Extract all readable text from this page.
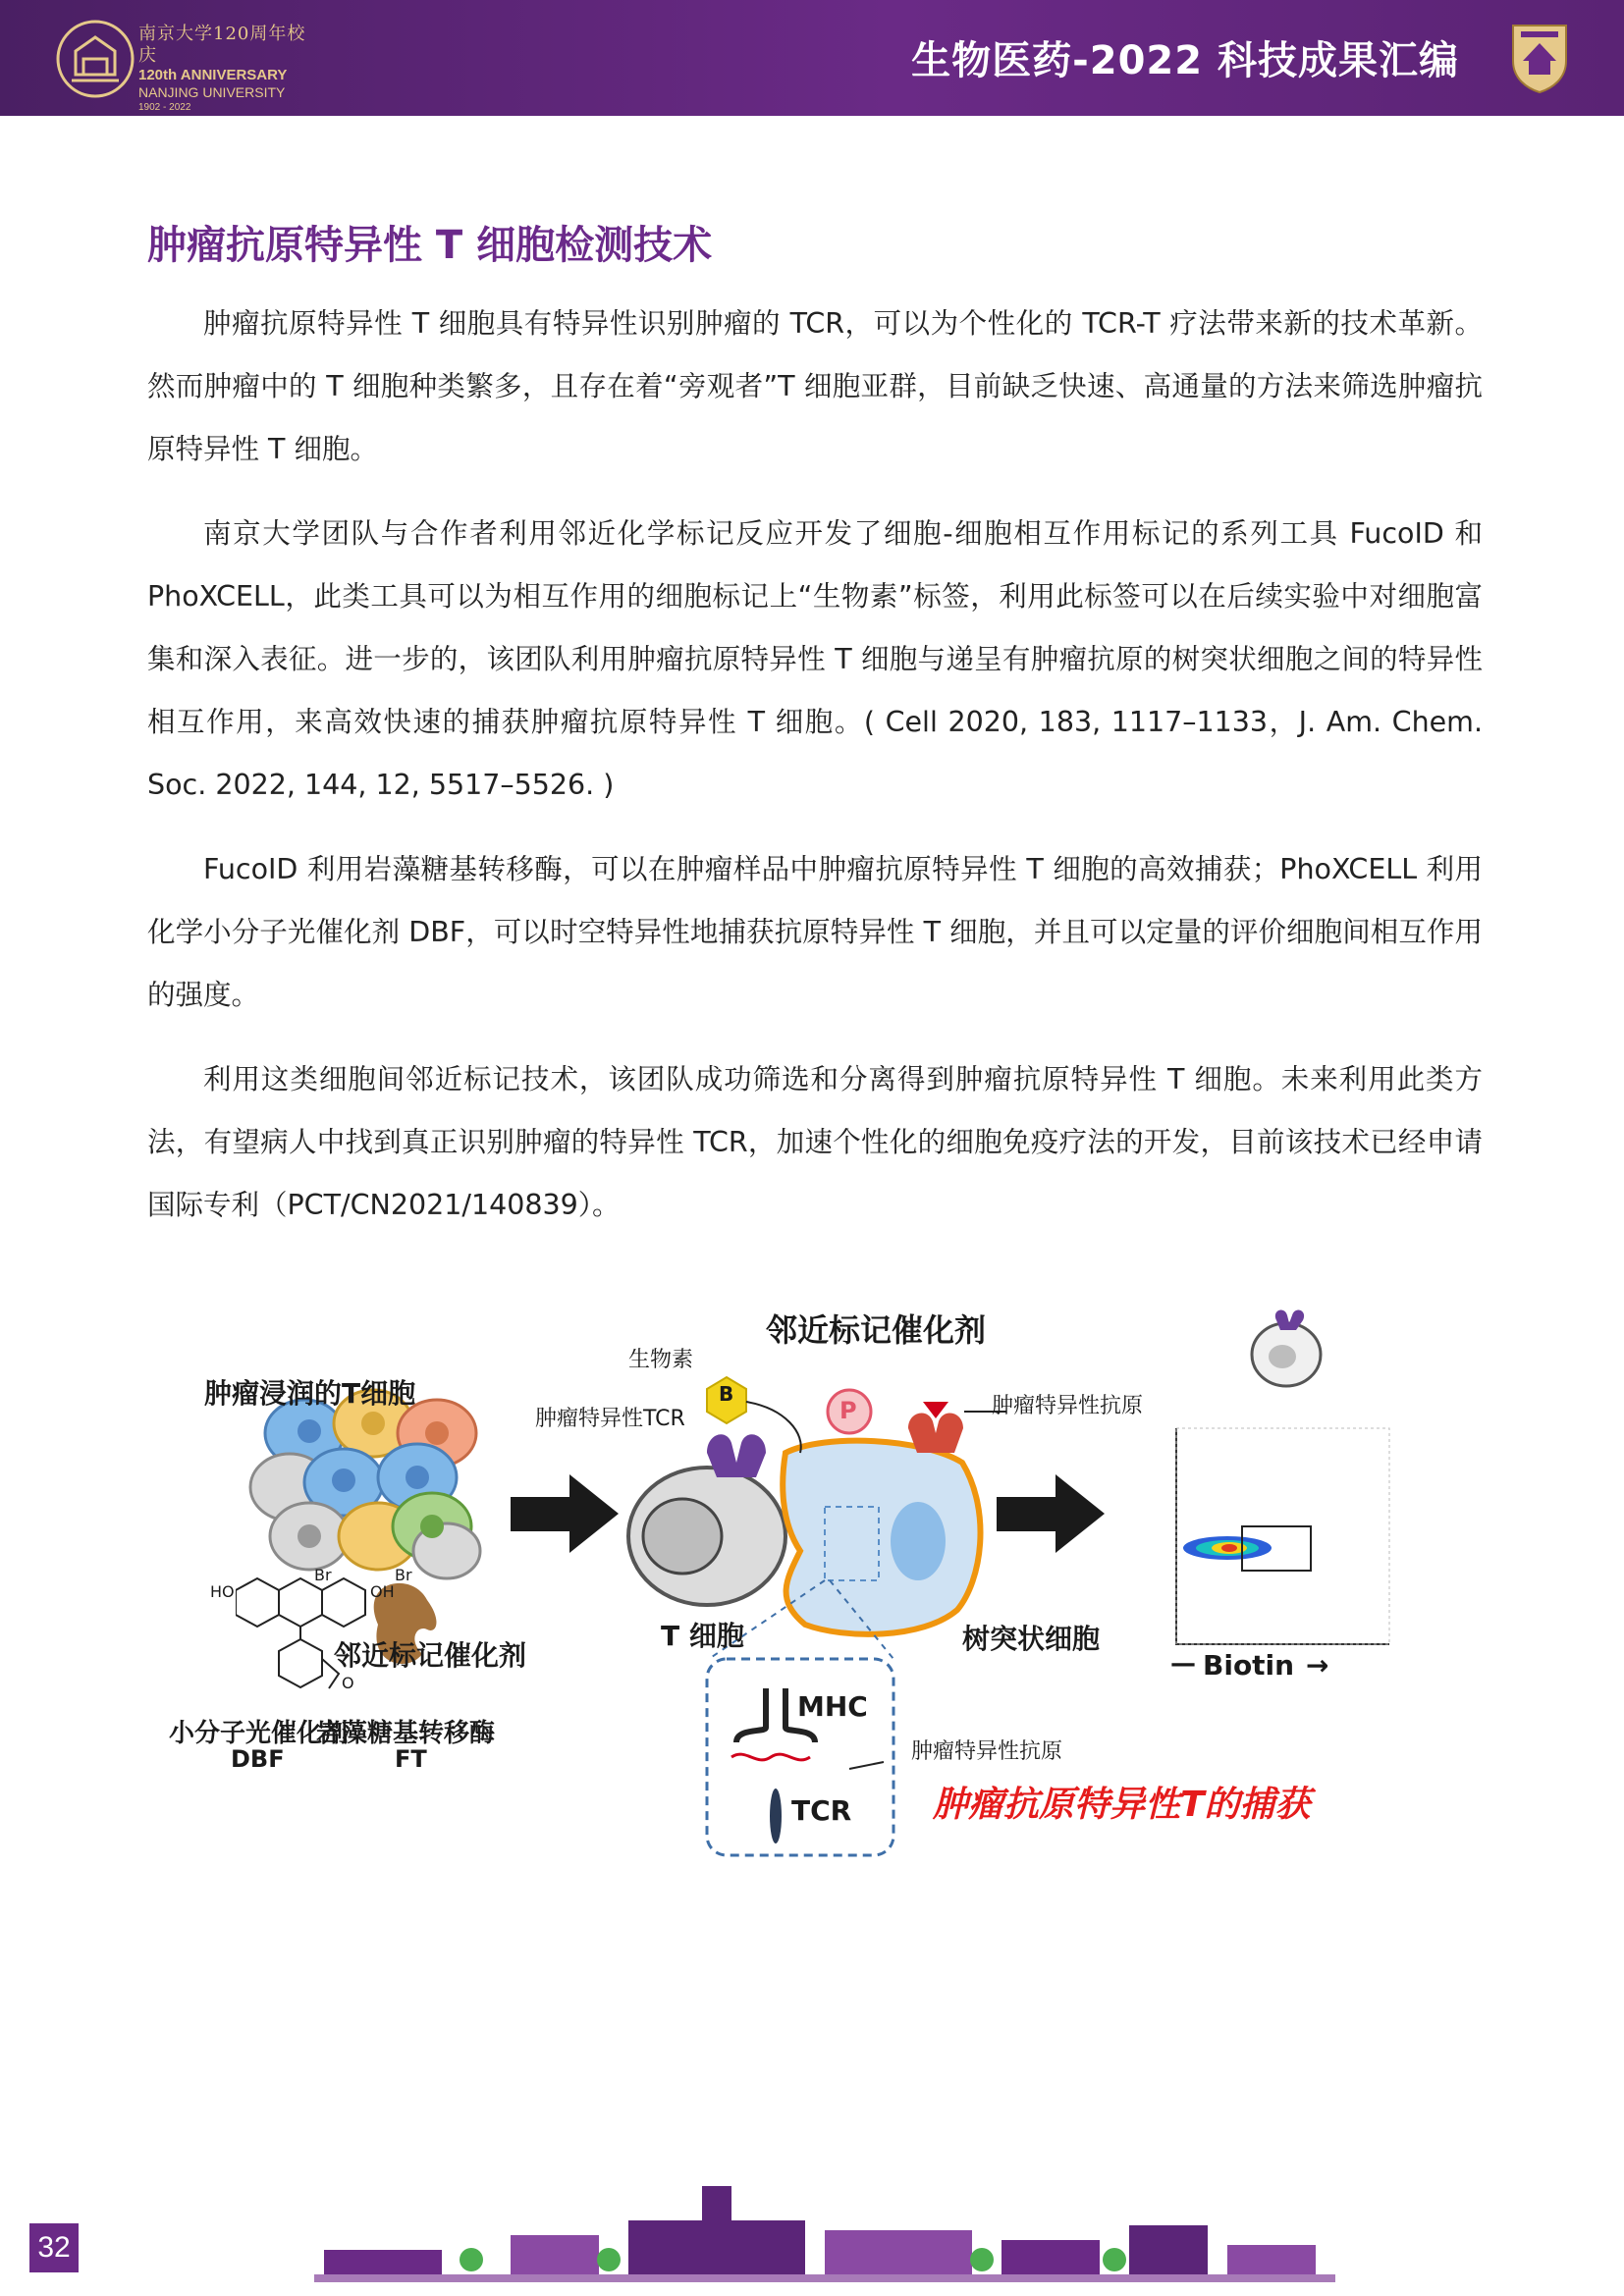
南京大学120周年校庆
120th ANNIVERSARY
NANJING UNIVERSITY
1902 - 2022
生物医药-2022 科技成果汇编
肿瘤抗原特异性 T 细胞检测技术

肿瘤抗原特异性 T 细胞具有特异性识别肿瘤的 TCR，可以为个性化的 TCR-T 疗法带来新的技术革新。然而肿瘤中的 T 细胞种类繁多，且存在着“旁观者”T 细胞亚群，目前缺乏快速、高通量的方法来筛选肿瘤抗原特异性 T 细胞。

南京大学团队与合作者利用邻近化学标记反应开发了细胞-细胞相互作用标记的系列工具 FucoID 和 PhoXCELL，此类工具可以为相互作用的细胞标记上“生物素”标签，利用此标签可以在后续实验中对细胞富集和深入表征。进一步的，该团队利用肿瘤抗原特异性 T 细胞与递呈有肿瘤抗原的树突状细胞之间的特异性相互作用，来高效快速的捕获肿瘤抗原特异性 T 细胞。( Cell 2020, 183, 1117–1133，J. Am. Chem. Soc. 2022, 144, 12, 5517–5526. )

FucoID 利用岩藻糖基转移酶，可以在肿瘤样品中肿瘤抗原特异性 T 细胞的高效捕获；PhoXCELL 利用化学小分子光催化剂 DBF，可以时空特异性地捕获抗原特异性 T 细胞，并且可以定量的评价细胞间相互作用的强度。

利用这类细胞间邻近标记技术，该团队成功筛选和分离得到肿瘤抗原特异性 T 细胞。未来利用此类方法，有望病人中找到真正识别肿瘤的特异性 TCR，加速个性化的细胞免疫疗法的开发，目前该技术已经申请国际专利（PCT/CN2021/140839）。

肿瘤浸润的T细胞
邻近标记催化剂
生物素
B
P
肿瘤特异性TCR
肿瘤特异性抗原
T 细胞	树突状细胞
邻近标记催化剂
Br	Br
HO	OH
O
小分子光催化剂
DBF
岩藻糖基转移酶
FT
MHC
TCR
肿瘤特异性抗原
肿瘤抗原特异性T的捕获
— Biotin →
32
